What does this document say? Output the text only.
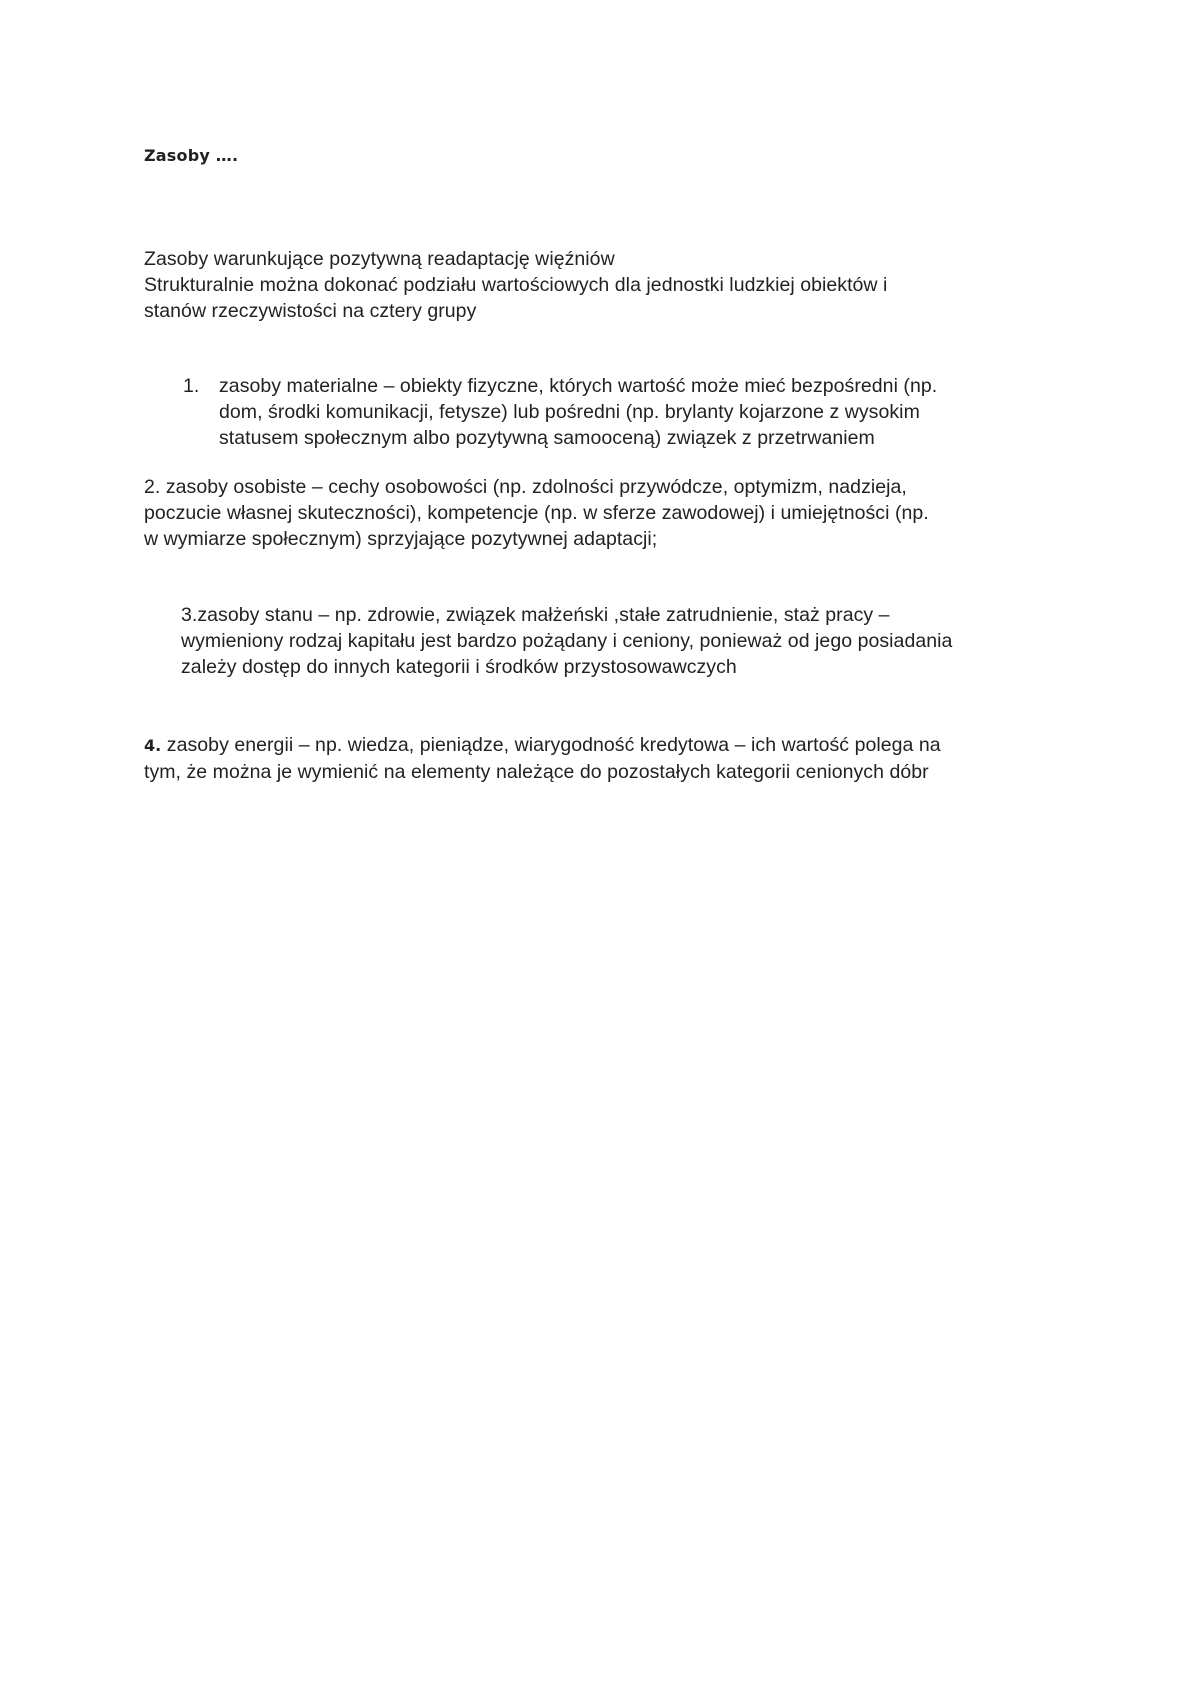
Zasoby ….
Zasoby warunkujące pozytywną readaptację więźniów
Strukturalnie można dokonać podziału wartościowych dla jednostki ludzkiej obiektów i
stanów rzeczywistości na cztery grupy
1. zasoby materialne – obiekty fizyczne, których wartość może mieć bezpośredni (np.
dom, środki komunikacji, fetysze) lub pośredni (np. brylanty kojarzone z wysokim
statusem społecznym albo pozytywną samooceną) związek z przetrwaniem
2. zasoby osobiste – cechy osobowości (np. zdolności przywódcze, optymizm, nadzieja,
poczucie własnej skuteczności), kompetencje (np. w sferze zawodowej) i umiejętności (np.
w wymiarze społecznym) sprzyjające pozytywnej adaptacji;
3.zasoby stanu – np. zdrowie, związek małżeński ,stałe zatrudnienie, staż pracy –
wymieniony rodzaj kapitału jest bardzo pożądany i ceniony, ponieważ od jego posiadania
zależy dostęp do innych kategorii i środków przystosowawczych
4. zasoby energii – np. wiedza, pieniądze, wiarygodność kredytowa – ich wartość polega na
tym, że można je wymienić na elementy należące do pozostałych kategorii cenionych dóbr
